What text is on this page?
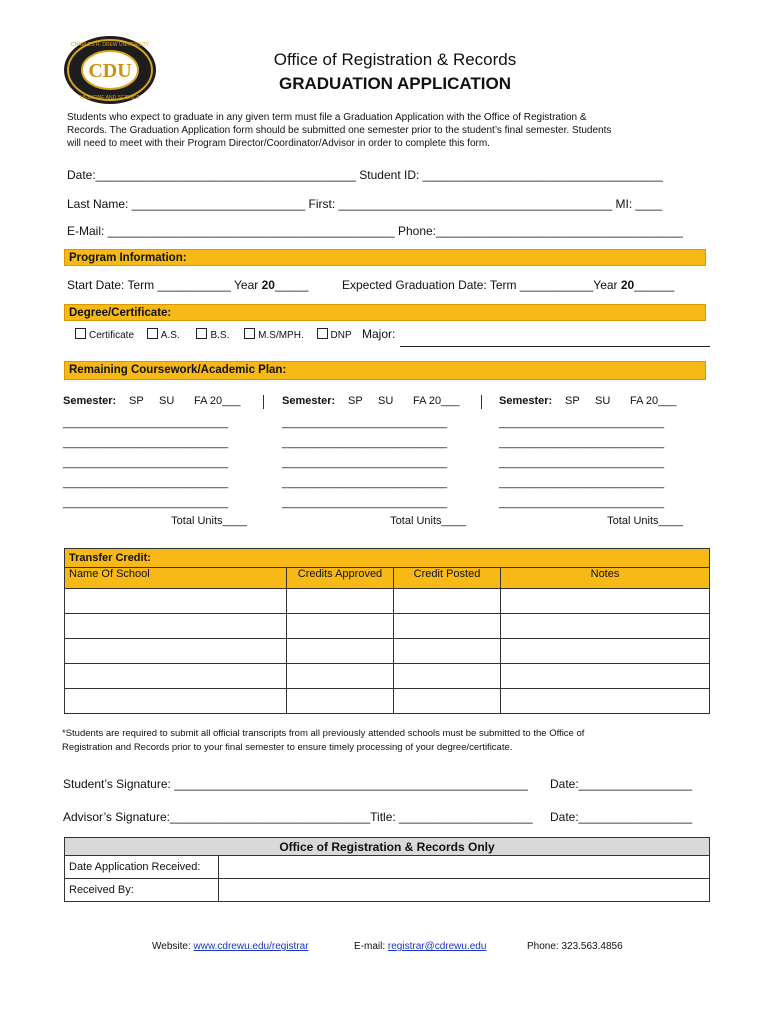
CDU
CHARLES R. DREW UNIVERSITY
MEDICINE AND SCIENCE
Office of Registration & Records
GRADUATION APPLICATION
Students who expect to graduate in any given term must file a Graduation Application with the Office of Registration &
Records. The Graduation Application form should be submitted one semester prior to the student’s final semester. Students
will need to meet with their Program Director/Coordinator/Advisor in order to complete this form.
Date:_______________________________________ Student ID: ____________________________________
Last Name: __________________________ First: _________________________________________ MI: ____
E-Mail: ___________________________________________ Phone:_____________________________________
Program Information:
Start Date: Term ___________ Year 20_____	Expected Graduation Date: Term ___________Year 20______
Degree/Certificate:
Certificate	A.S.	B.S.	M.S/MPH.	DNP Major:
Remaining Coursework/Academic Plan:
Semester: SP SU FA 20___
___________________________
___________________________
___________________________
___________________________
___________________________
Total Units____
Semester: SP SU FA 20___
___________________________
___________________________
___________________________
___________________________
___________________________
Total Units____
Semester: SP SU FA 20___
___________________________
___________________________
___________________________
___________________________
___________________________
Total Units____
Transfer Credit:			
Name Of School	Credits Approved	Credit Posted	Notes

*Students are required to submit all official transcripts from all previously attended schools must be submitted to the Office of
Registration and Records prior to your final semester to ensure timely processing of your degree/certificate.
Student’s Signature: _____________________________________________________ Date:_________________
Advisor’s Signature:______________________________Title: ____________________ Date:_________________
Office of Registration & Records Only	
Date Application Received:	
Received By:	
Website: www.cdrewu.edu/registrar	E-mail: registrar@cdrewu.edu	Phone: 323.563.4856
